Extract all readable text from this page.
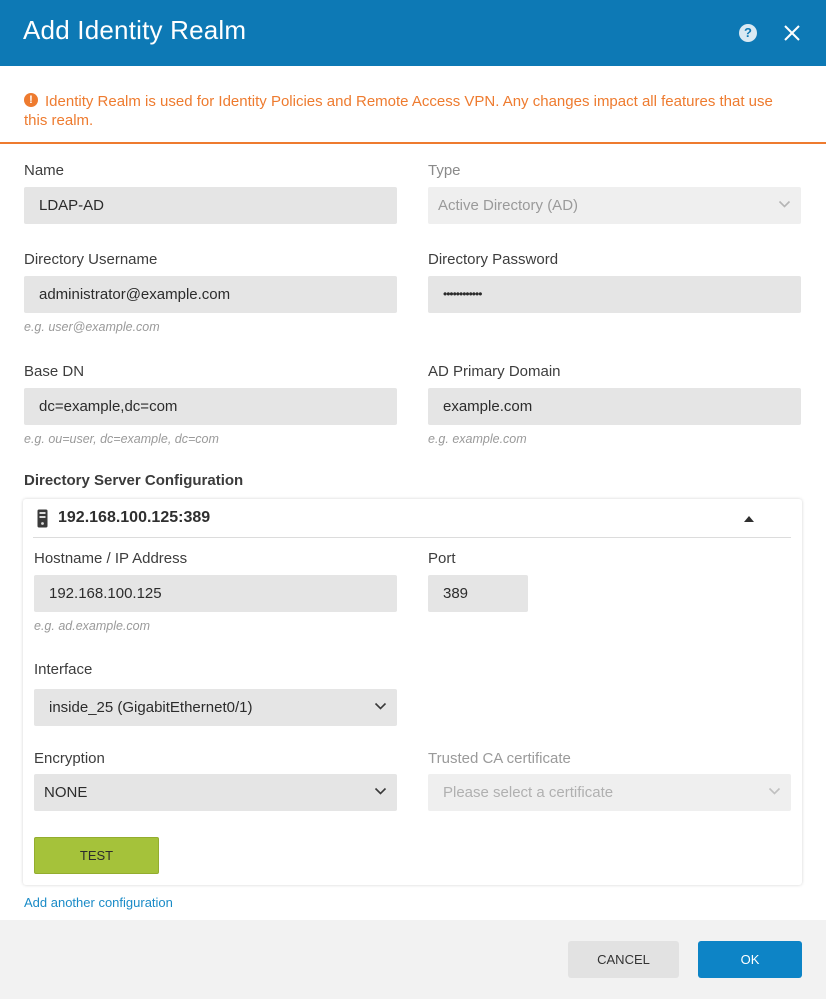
Add Identity Realm	?
! Identity Realm is used for Identity Policies and Remote Access VPN. Any changes impact all features that use this realm.
Name
LDAP-AD
Type
Active Directory (AD)
Directory Username
administrator@example.com
e.g. user@example.com
Directory Password
••••••••••••
Base DN
dc=example,dc=com
e.g. ou=user, dc=example, dc=com
AD Primary Domain
example.com
e.g. example.com
Directory Server Configuration
192.168.100.125:389
Hostname / IP Address
192.168.100.125
e.g. ad.example.com
Port
389
Interface
inside_25 (GigabitEthernet0/1)
Encryption
NONE
Trusted CA certificate
Please select a certificate
TEST
Add another configuration
CANCEL	OK
